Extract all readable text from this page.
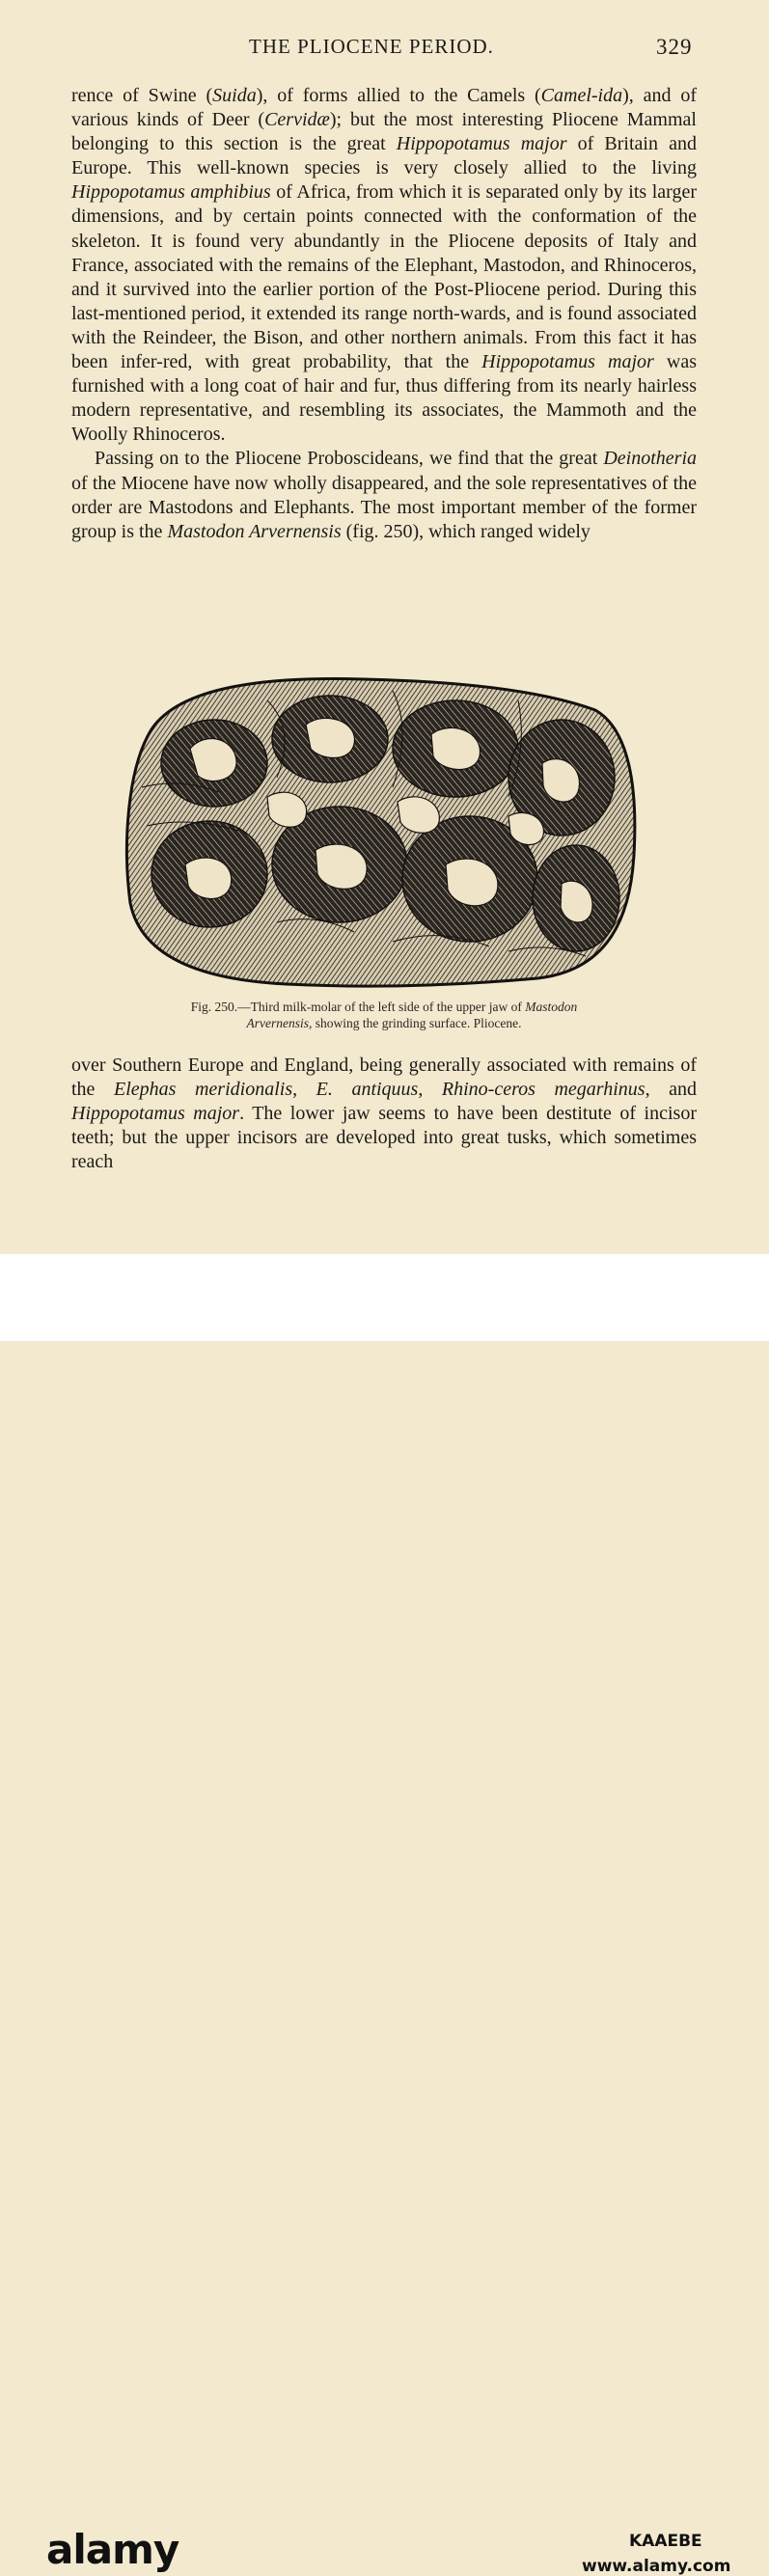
THE PLIOCENE PERIOD.	329

rence of Swine (Suida), of forms allied to the Camels (Camel-ida), and of various kinds of Deer (Cervidæ); but the most interesting Pliocene Mammal belonging to this section is the great Hippopotamus major of Britain and Europe. This well-known species is very closely allied to the living Hippopotamus amphibius of Africa, from which it is separated only by its larger dimensions, and by certain points connected with the conformation of the skeleton. It is found very abundantly in the Pliocene deposits of Italy and France, associated with the remains of the Elephant, Mastodon, and Rhinoceros, and it survived into the earlier portion of the Post-Pliocene period. During this last-mentioned period, it extended its range north-wards, and is found associated with the Reindeer, the Bison, and other northern animals. From this fact it has been infer-red, with great probability, that the Hippopotamus major was furnished with a long coat of hair and fur, thus differing from its nearly hairless modern representative, and resembling its associates, the Mammoth and the Woolly Rhinoceros.

Passing on to the Pliocene Proboscideans, we find that the great Deinotheria of the Miocene have now wholly disappeared, and the sole representatives of the order are Mastodons and Elephants. The most important member of the former group is the Mastodon Arvernensis (fig. 250), which ranged widely

Fig. 250.—Third milk-molar of the left side of the upper jaw of Mastodon
Arvernensis, showing the grinding surface. Pliocene.

over Southern Europe and England, being generally associated with remains of the Elephas meridionalis, E. antiquus, Rhino-ceros megarhinus, and Hippopotamus major. The lower jaw seems to have been destitute of incisor teeth; but the upper incisors are developed into great tusks, which sometimes reach

alamy	KAAEBE
www.alamy.com
